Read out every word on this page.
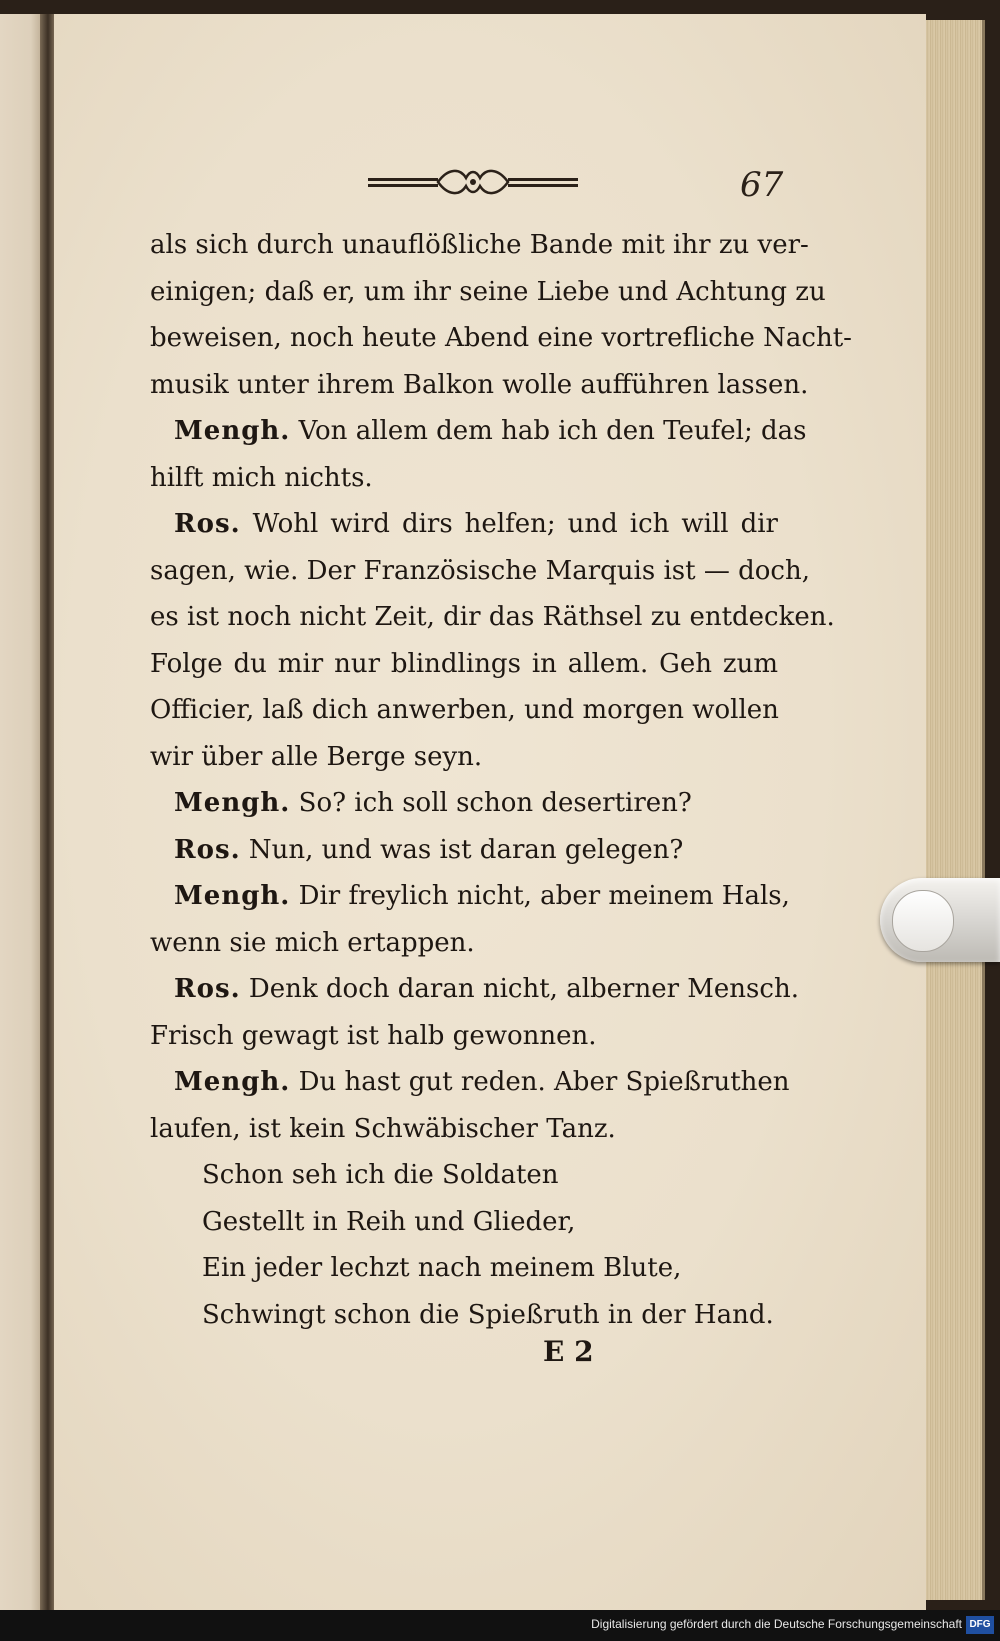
67
als sich durch unauflößliche Bande mit ihr zu ver-
einigen; daß er, um ihr seine Liebe und Achtung zu
beweisen, noch heute Abend eine vortrefliche Nacht-
musik unter ihrem Balkon wolle aufführen lassen.
Mengh. Von allem dem hab ich den Teufel; das
hilft mich nichts.
Ros. Wohl wird dirs helfen; und ich will dir
sagen, wie. Der Französische Marquis ist — doch,
es ist noch nicht Zeit, dir das Räthsel zu entdecken.
Folge du mir nur blindlings in allem. Geh zum
Officier, laß dich anwerben, und morgen wollen
wir über alle Berge seyn.
Mengh. So? ich soll schon desertiren?
Ros. Nun, und was ist daran gelegen?
Mengh. Dir freylich nicht, aber meinem Hals,
wenn sie mich ertappen.
Ros. Denk doch daran nicht, alberner Mensch.
Frisch gewagt ist halb gewonnen.
Mengh. Du hast gut reden. Aber Spießruthen
laufen, ist kein Schwäbischer Tanz.
Schon seh ich die Soldaten
Gestellt in Reih und Glieder,
Ein jeder lechzt nach meinem Blute,
Schwingt schon die Spießruth in der Hand.
E 2
Digitalisierung gefördert durch die Deutsche Forschungsgemeinschaft DFG
